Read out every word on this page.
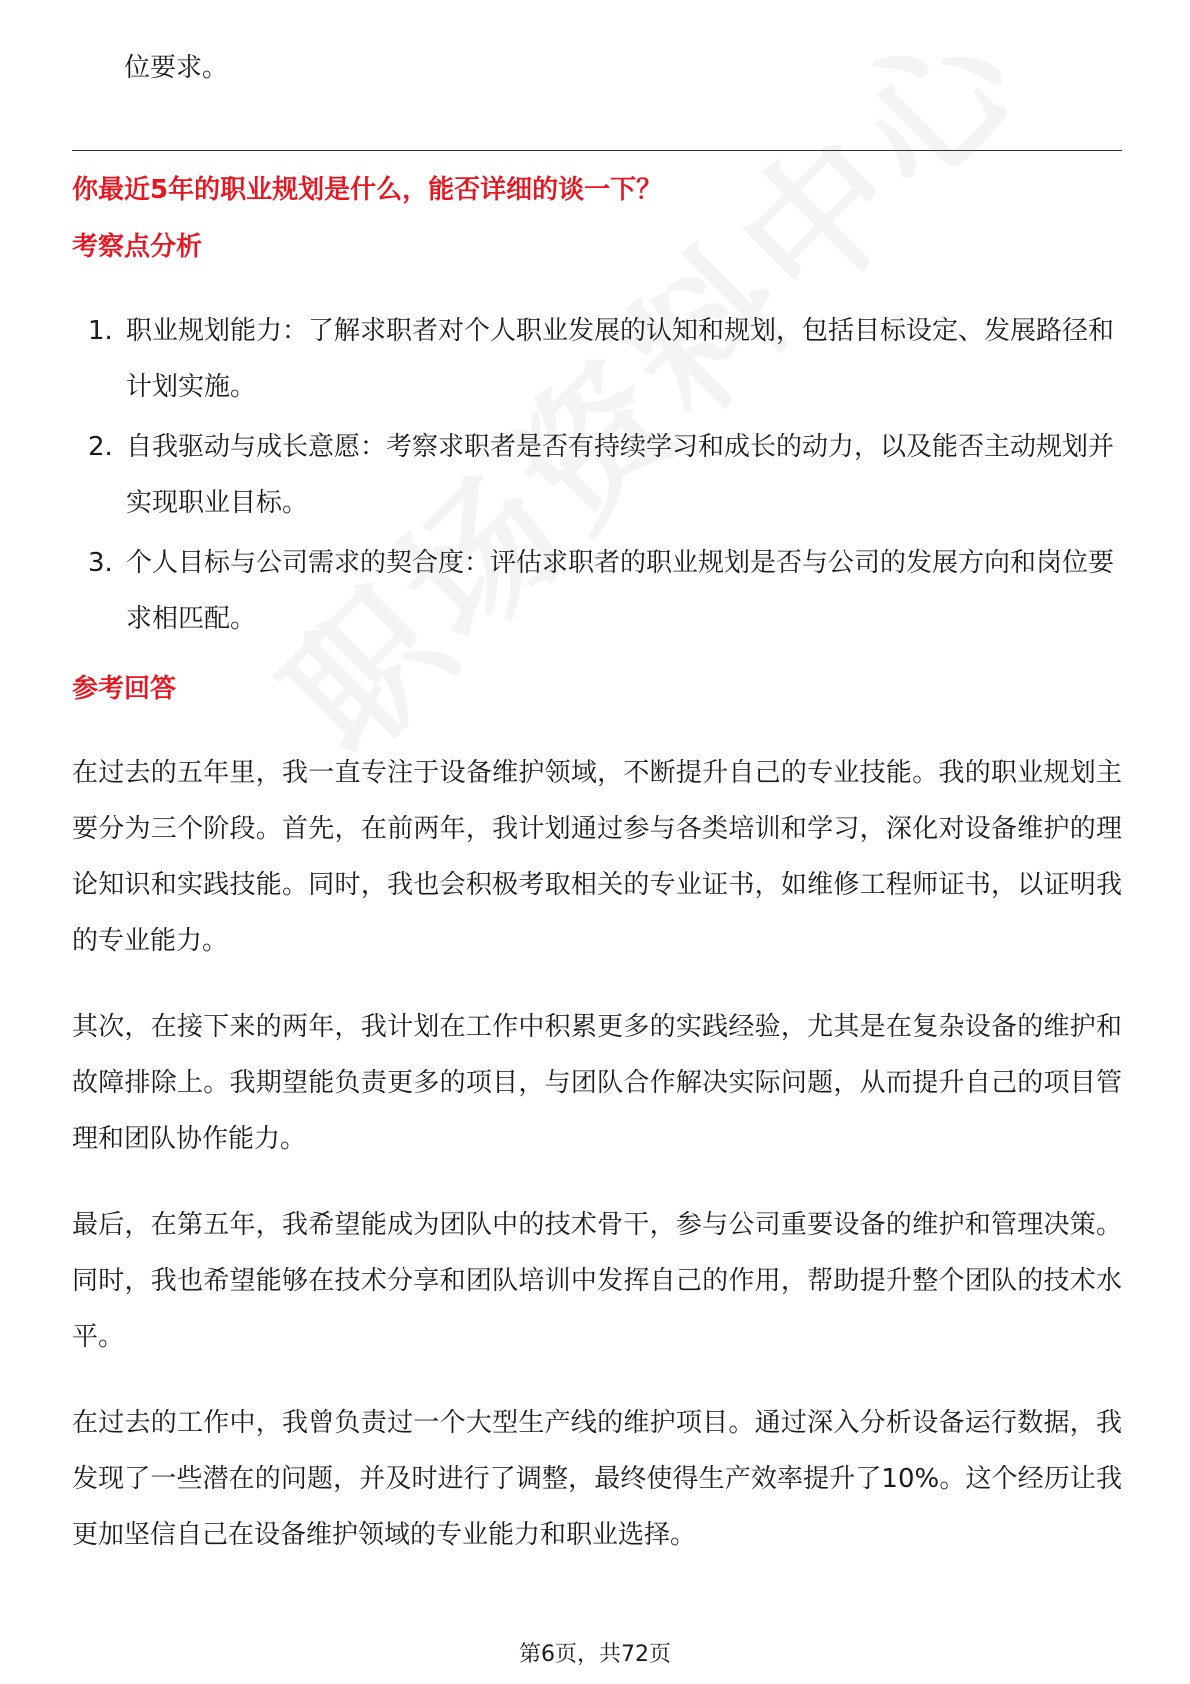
位要求。
你最近5年的职业规划是什么，能否详细的谈一下？
考察点分析
1. 职业规划能力：了解求职者对个人职业发展的认知和规划，包括目标设定、发展路径和计划实施。
2. 自我驱动与成长意愿：考察求职者是否有持续学习和成长的动力，以及能否主动规划并实现职业目标。
3. 个人目标与公司需求的契合度：评估求职者的职业规划是否与公司的发展方向和岗位要求相匹配。
参考回答

在过去的五年里，我一直专注于设备维护领域，不断提升自己的专业技能。我的职业规划主要分为三个阶段。首先，在前两年，我计划通过参与各类培训和学习，深化对设备维护的理论知识和实践技能。同时，我也会积极考取相关的专业证书，如维修工程师证书，以证明我的专业能力。

其次，在接下来的两年，我计划在工作中积累更多的实践经验，尤其是在复杂设备的维护和故障排除上。我期望能负责更多的项目，与团队合作解决实际问题，从而提升自己的项目管理和团队协作能力。

最后，在第五年，我希望能成为团队中的技术骨干，参与公司重要设备的维护和管理决策。同时，我也希望能够在技术分享和团队培训中发挥自己的作用，帮助提升整个团队的技术水平。

在过去的工作中，我曾负责过一个大型生产线的维护项目。通过深入分析设备运行数据，我发现了一些潜在的问题，并及时进行了调整，最终使得生产效率提升了10%。这个经历让我更加坚信自己在设备维护领域的专业能力和职业选择。

第6页，共72页
